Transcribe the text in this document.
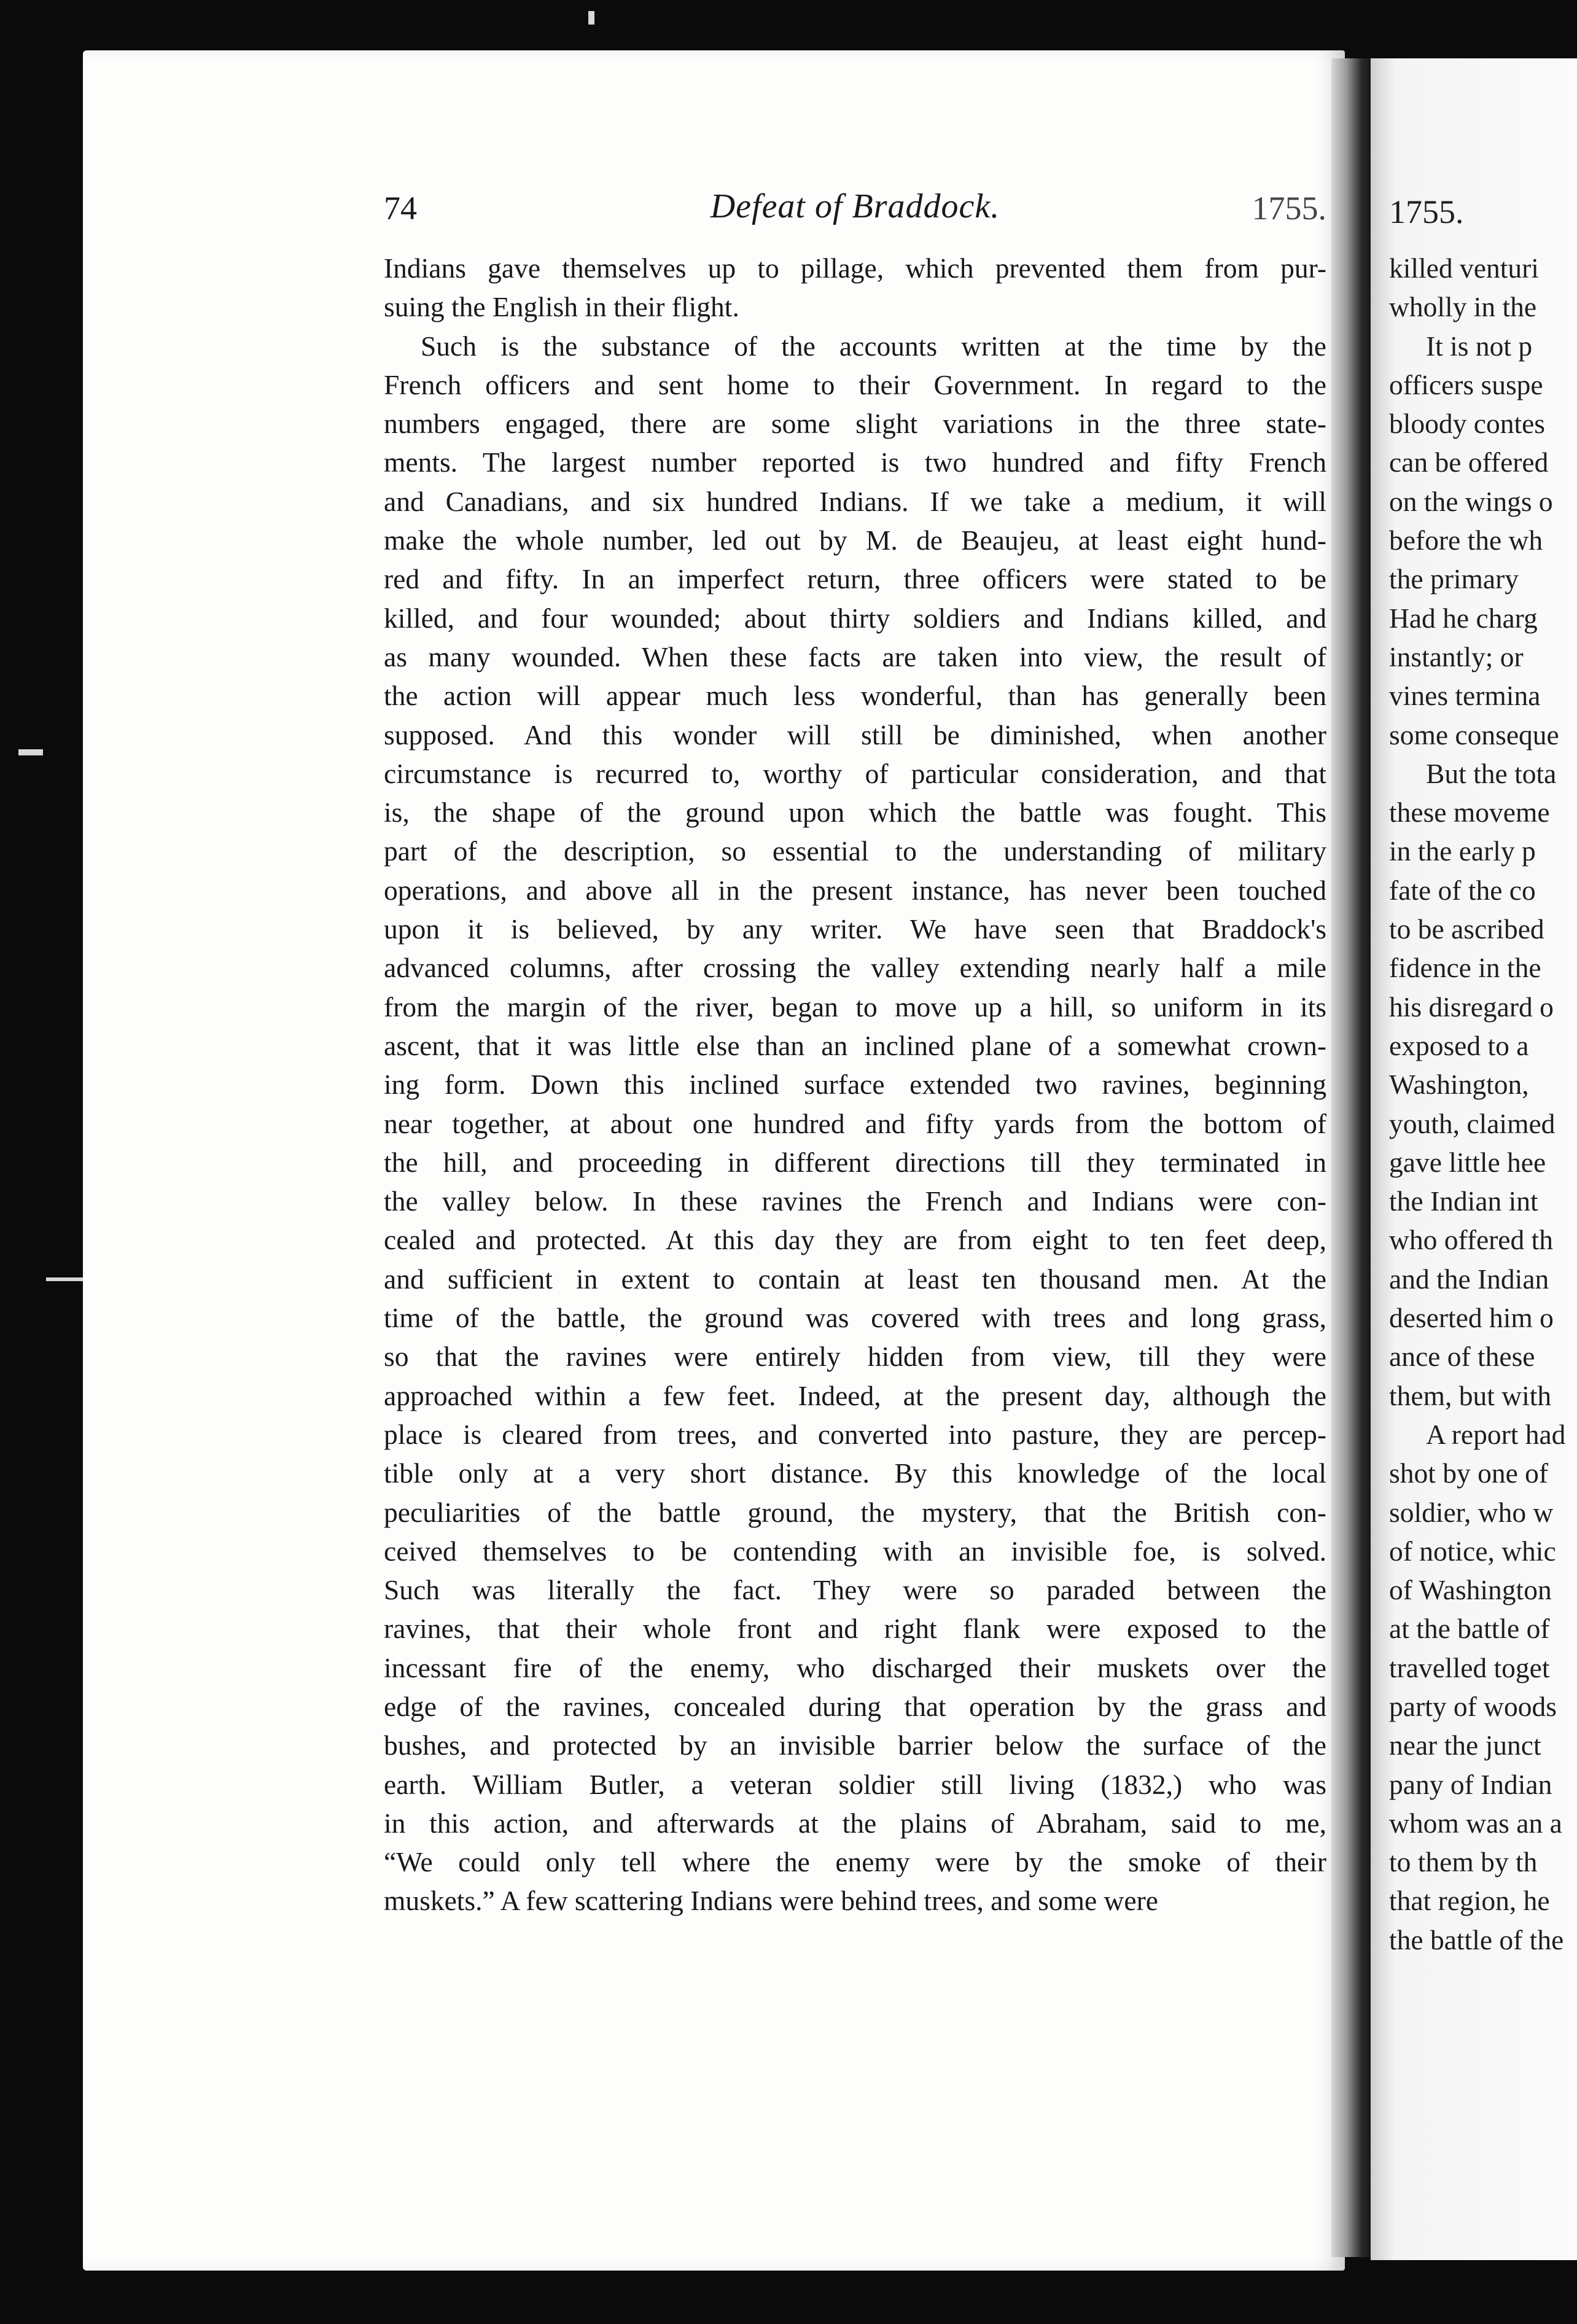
74	Defeat of Braddock.	1755.
Indians gave themselves up to pillage, which prevented them from pur-
suing the English in their flight.
Such is the substance of the accounts written at the time by the
French officers and sent home to their Government. In regard to the
numbers engaged, there are some slight variations in the three state-
ments. The largest number reported is two hundred and fifty French
and Canadians, and six hundred Indians. If we take a medium, it will
make the whole number, led out by M. de Beaujeu, at least eight hund-
red and fifty. In an imperfect return, three officers were stated to be
killed, and four wounded; about thirty soldiers and Indians killed, and
as many wounded. When these facts are taken into view, the result of
the action will appear much less wonderful, than has generally been
supposed. And this wonder will still be diminished, when another
circumstance is recurred to, worthy of particular consideration, and that
is, the shape of the ground upon which the battle was fought. This
part of the description, so essential to the understanding of military
operations, and above all in the present instance, has never been touched
upon it is believed, by any writer. We have seen that Braddock's
advanced columns, after crossing the valley extending nearly half a mile
from the margin of the river, began to move up a hill, so uniform in its
ascent, that it was little else than an inclined plane of a somewhat crown-
ing form. Down this inclined surface extended two ravines, beginning
near together, at about one hundred and fifty yards from the bottom of
the hill, and proceeding in different directions till they terminated in
the valley below. In these ravines the French and Indians were con-
cealed and protected. At this day they are from eight to ten feet deep,
and sufficient in extent to contain at least ten thousand men. At the
time of the battle, the ground was covered with trees and long grass,
so that the ravines were entirely hidden from view, till they were
approached within a few feet. Indeed, at the present day, although the
place is cleared from trees, and converted into pasture, they are percep-
tible only at a very short distance. By this knowledge of the local
peculiarities of the battle ground, the mystery, that the British con-
ceived themselves to be contending with an invisible foe, is solved.
Such was literally the fact. They were so paraded between the
ravines, that their whole front and right flank were exposed to the
incessant fire of the enemy, who discharged their muskets over the
edge of the ravines, concealed during that operation by the grass and
bushes, and protected by an invisible barrier below the surface of the
earth. William Butler, a veteran soldier still living (1832,) who was
in this action, and afterwards at the plains of Abraham, said to me,
“We could only tell where the enemy were by the smoke of their
muskets.” A few scattering Indians were behind trees, and some were
1755.
killed venturi
wholly in the
It is not p
officers suspe
bloody contes
can be offered
on the wings o
before the wh
the primary
Had he charg
instantly; or
vines termina
some conseque
But the tota
these moveme
in the early p
fate of the co
to be ascribed
fidence in the
his disregard o
exposed to a
Washington,
youth, claimed
gave little hee
the Indian int
who offered th
and the Indian
deserted him o
ance of these
them, but with
A report had
shot by one of
soldier, who w
of notice, whic
of Washington
at the battle of
travelled toget
party of woods
near the junct
pany of Indian
whom was an a
to them by th
that region, he
the battle of the
